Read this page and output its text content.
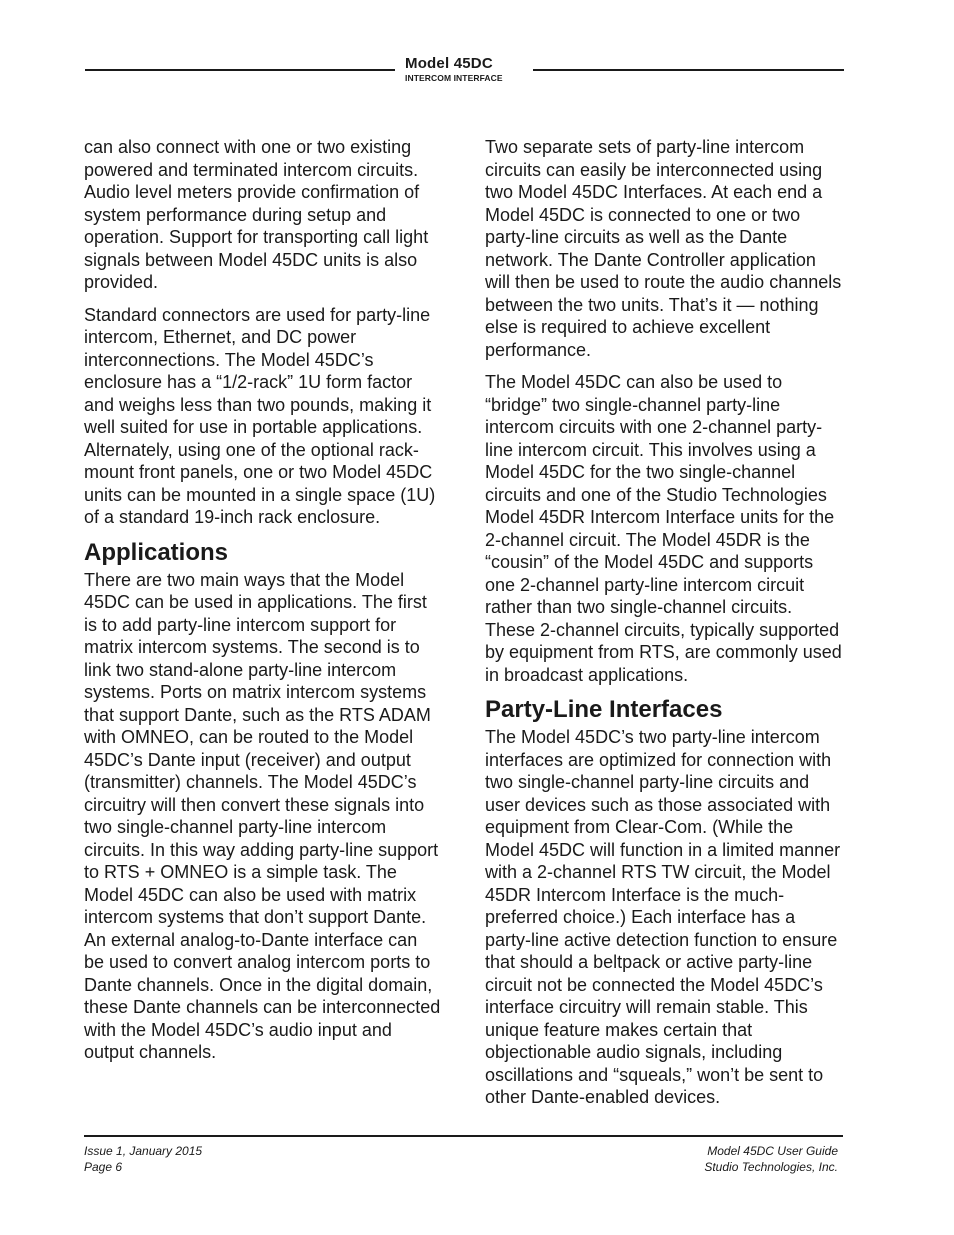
Model 45DC
INTERCOM INTERFACE

can also connect with one or two existing powered and terminated intercom circuits. Audio level meters provide confirmation of system performance during setup and operation. Support for transporting call light signals between Model 45DC units is also provided.

Standard connectors are used for party-line intercom, Ethernet, and DC power interconnections. The Model 45DC’s enclosure has a “1/2-rack” 1U form factor and weighs less than two pounds, making it well suited for use in portable applications. Alternately, using one of the optional rack-mount front panels, one or two Model 45DC units can be mounted in a single space (1U) of a standard 19-inch rack enclosure.

Applications

There are two main ways that the Model 45DC can be used in applications. The first is to add party-line intercom support for matrix intercom systems. The second is to link two stand-alone party-line intercom systems. Ports on matrix intercom systems that support Dante, such as the RTS ADAM with OMNEO, can be routed to the Model 45DC’s Dante input (receiver) and output (transmitter) channels. The Model 45DC’s circuitry will then convert these signals into two single-channel party-line intercom circuits. In this way adding party-line support to RTS + OMNEO is a simple task. The Model 45DC can also be used with matrix intercom systems that don’t support Dante. An external analog-to-Dante interface can be used to convert analog intercom ports to Dante channels. Once in the digital domain, these Dante channels can be interconnected with the Model 45DC’s audio input and output channels.

Two separate sets of party-line intercom circuits can easily be interconnected using two Model 45DC Interfaces. At each end a Model 45DC is connected to one or two party-line circuits as well as the Dante network. The Dante Controller application will then be used to route the audio channels between the two units. That’s it — nothing else is required to achieve excellent performance.

The Model 45DC can also be used to “bridge” two single-channel party-line intercom circuits with one 2-channel party-line intercom circuit. This involves using a Model 45DC for the two single-channel circuits and one of the Studio Technologies Model 45DR Intercom Interface units for the 2-channel circuit. The Model 45DR is the “cousin” of the Model 45DC and supports one 2-channel party-line intercom circuit rather than two single-channel circuits. These 2-channel circuits, typically supported by equipment from RTS, are commonly used in broadcast applications.

Party-Line Interfaces

The Model 45DC’s two party-line intercom interfaces are optimized for connection with two single-channel party-line circuits and user devices such as those associated with equipment from Clear-Com. (While the Model 45DC will function in a limited manner with a 2-channel RTS TW circuit, the Model 45DR Intercom Interface is the much-preferred choice.) Each interface has a party-line active detection function to ensure that should a beltpack or active party-line circuit not be connected the Model 45DC’s interface circuitry will remain stable. This unique feature makes certain that objectionable audio signals, including oscillations and “squeals,” won’t be sent to other Dante-enabled devices.

Issue 1, January 2015
Page 6
Model 45DC User Guide
Studio Technologies, Inc.
